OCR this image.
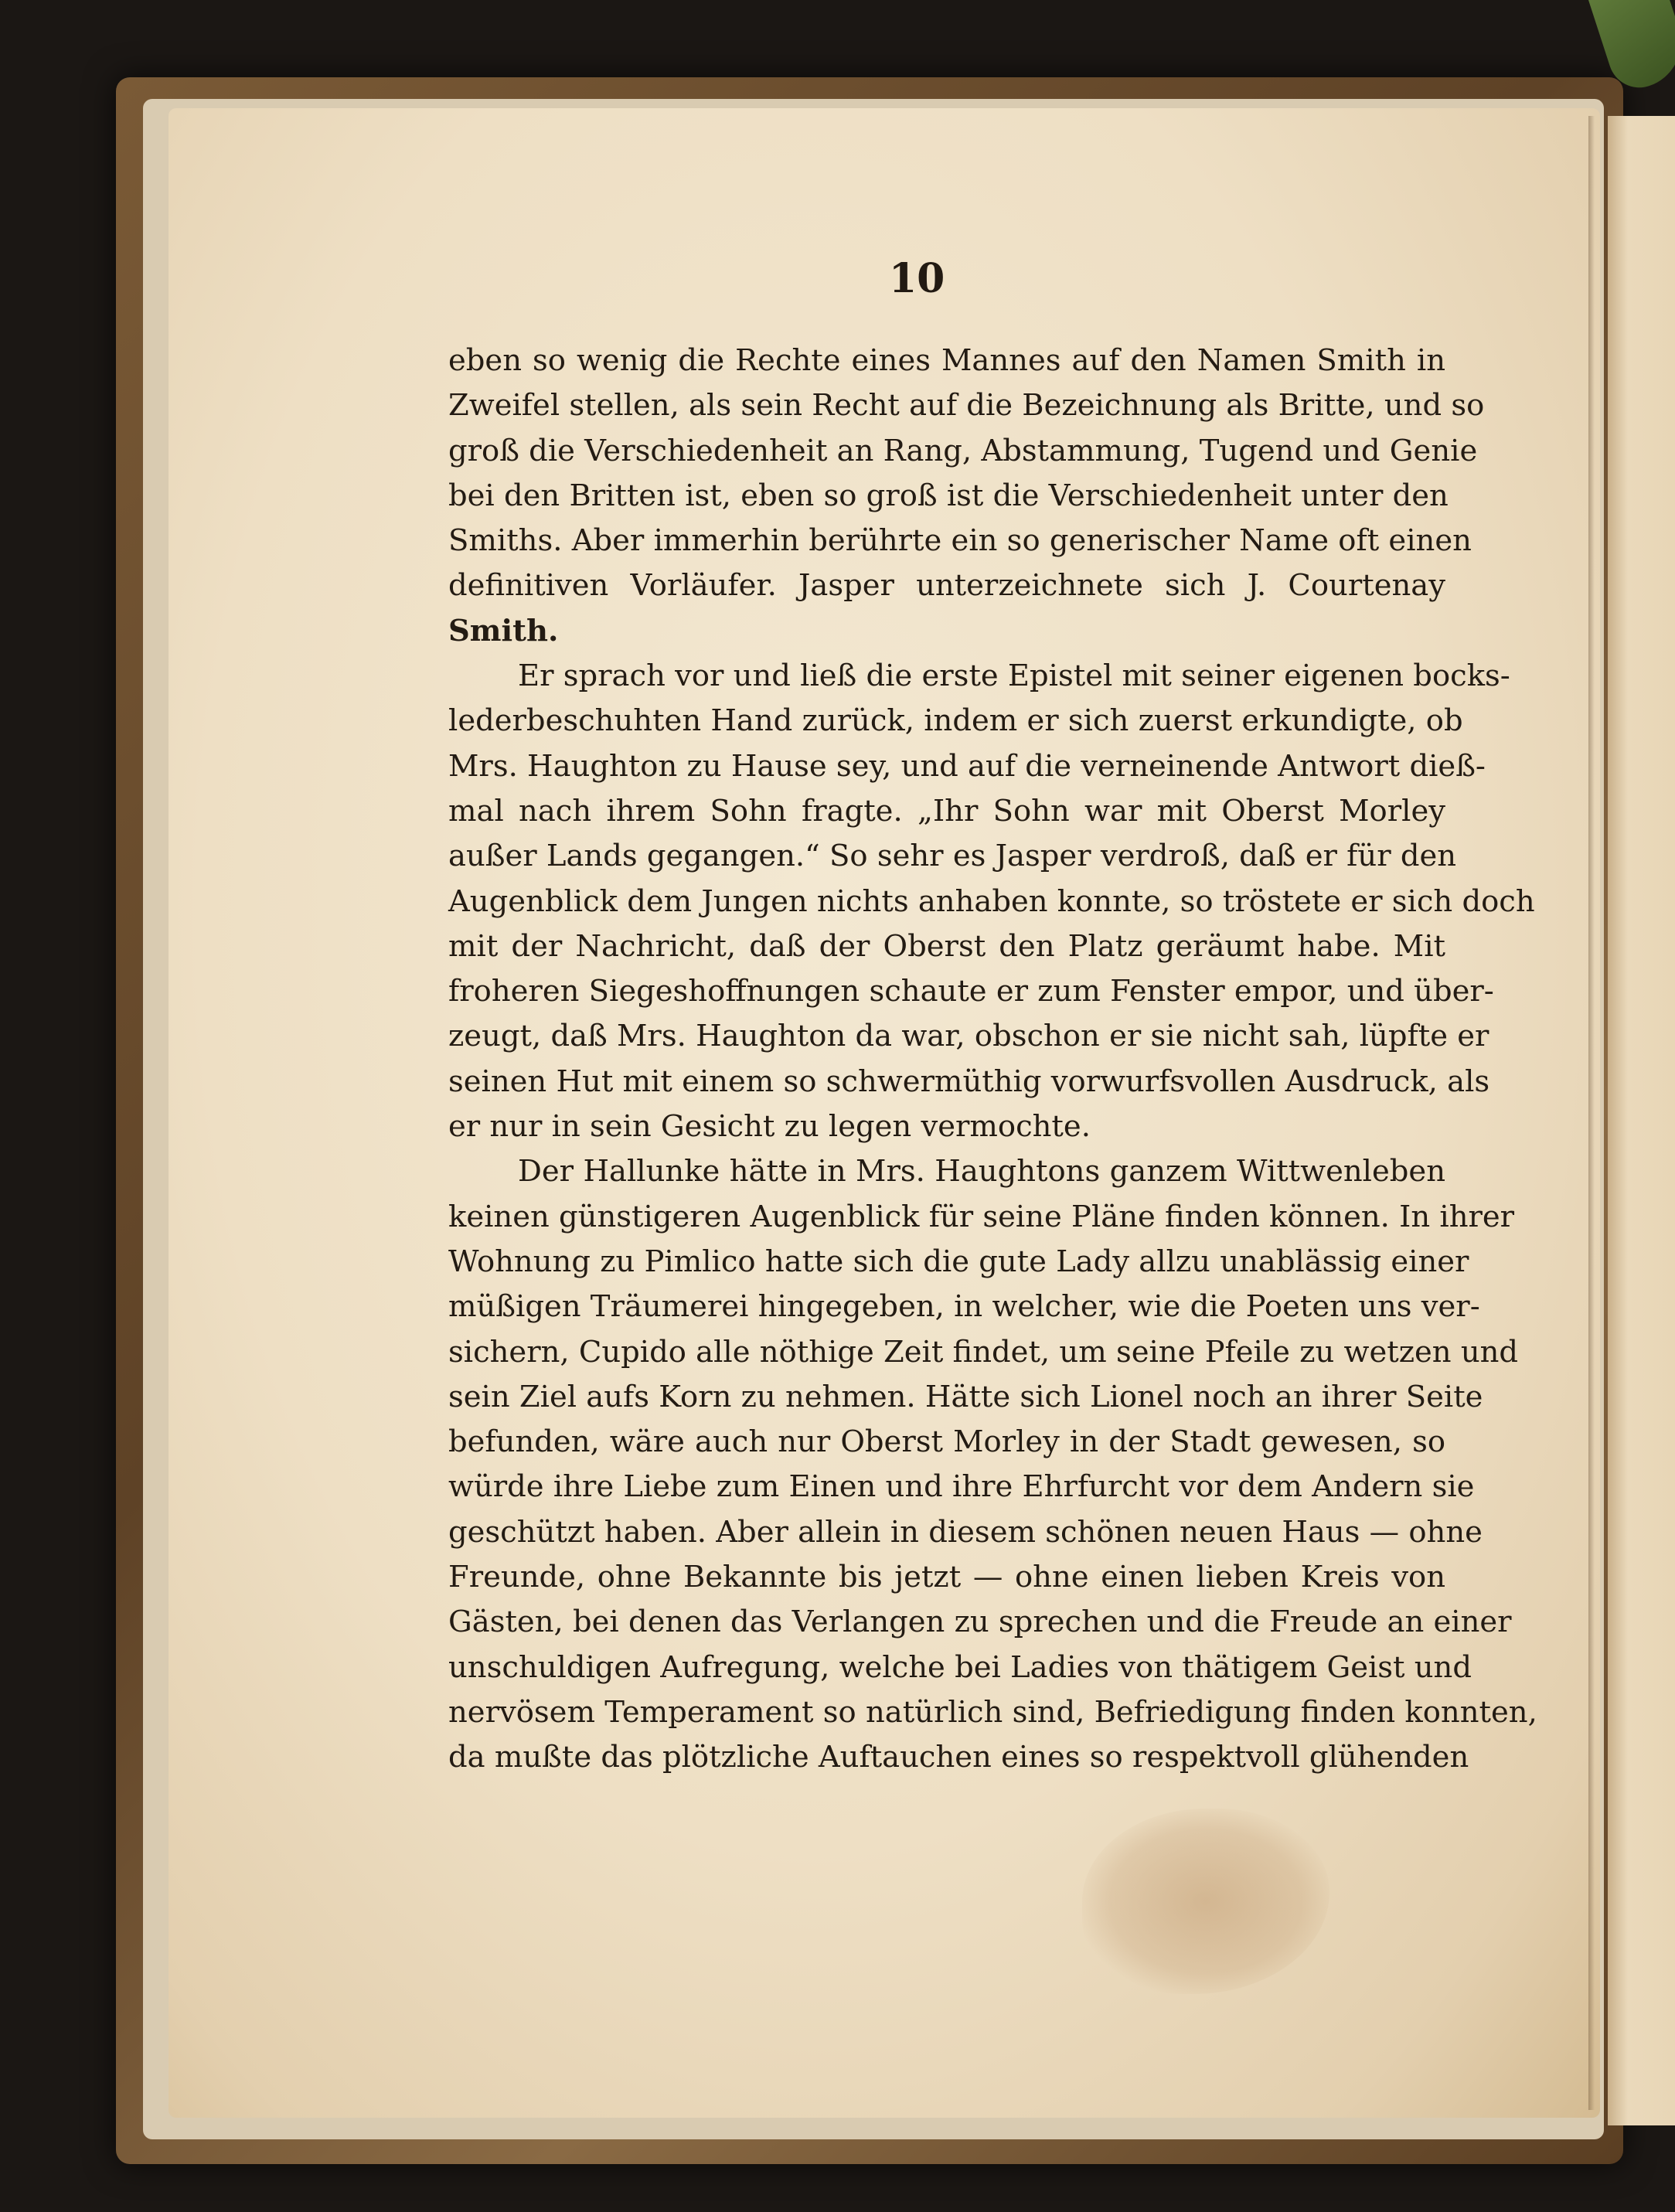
10
eben so wenig die Rechte eines Mannes auf den Namen Smith in
Zweifel stellen, als sein Recht auf die Bezeichnung als Britte, und so
groß die Verschiedenheit an Rang, Abstammung, Tugend und Genie
bei den Britten ist, eben so groß ist die Verschiedenheit unter den
Smiths. Aber immerhin berührte ein so generischer Name oft einen
definitiven Vorläufer. Jasper unterzeichnete sich J. Courtenay
Smith.
Er sprach vor und ließ die erste Epistel mit seiner eigenen bocks-
lederbeschuhten Hand zurück, indem er sich zuerst erkundigte, ob
Mrs. Haughton zu Hause sey, und auf die verneinende Antwort dieß-
mal nach ihrem Sohn fragte. „Ihr Sohn war mit Oberst Morley
außer Lands gegangen.“ So sehr es Jasper verdroß, daß er für den
Augenblick dem Jungen nichts anhaben konnte, so tröstete er sich doch
mit der Nachricht, daß der Oberst den Platz geräumt habe. Mit
froheren Siegeshoffnungen schaute er zum Fenster empor, und über-
zeugt, daß Mrs. Haughton da war, obschon er sie nicht sah, lüpfte er
seinen Hut mit einem so schwermüthig vorwurfsvollen Ausdruck, als
er nur in sein Gesicht zu legen vermochte.
Der Hallunke hätte in Mrs. Haughtons ganzem Wittwenleben
keinen günstigeren Augenblick für seine Pläne finden können. In ihrer
Wohnung zu Pimlico hatte sich die gute Lady allzu unablässig einer
müßigen Träumerei hingegeben, in welcher, wie die Poeten uns ver-
sichern, Cupido alle nöthige Zeit findet, um seine Pfeile zu wetzen und
sein Ziel aufs Korn zu nehmen. Hätte sich Lionel noch an ihrer Seite
befunden, wäre auch nur Oberst Morley in der Stadt gewesen, so
würde ihre Liebe zum Einen und ihre Ehrfurcht vor dem Andern sie
geschützt haben. Aber allein in diesem schönen neuen Haus — ohne
Freunde, ohne Bekannte bis jetzt — ohne einen lieben Kreis von
Gästen, bei denen das Verlangen zu sprechen und die Freude an einer
unschuldigen Aufregung, welche bei Ladies von thätigem Geist und
nervösem Temperament so natürlich sind, Befriedigung finden konnten,
da mußte das plötzliche Auftauchen eines so respektvoll glühenden
